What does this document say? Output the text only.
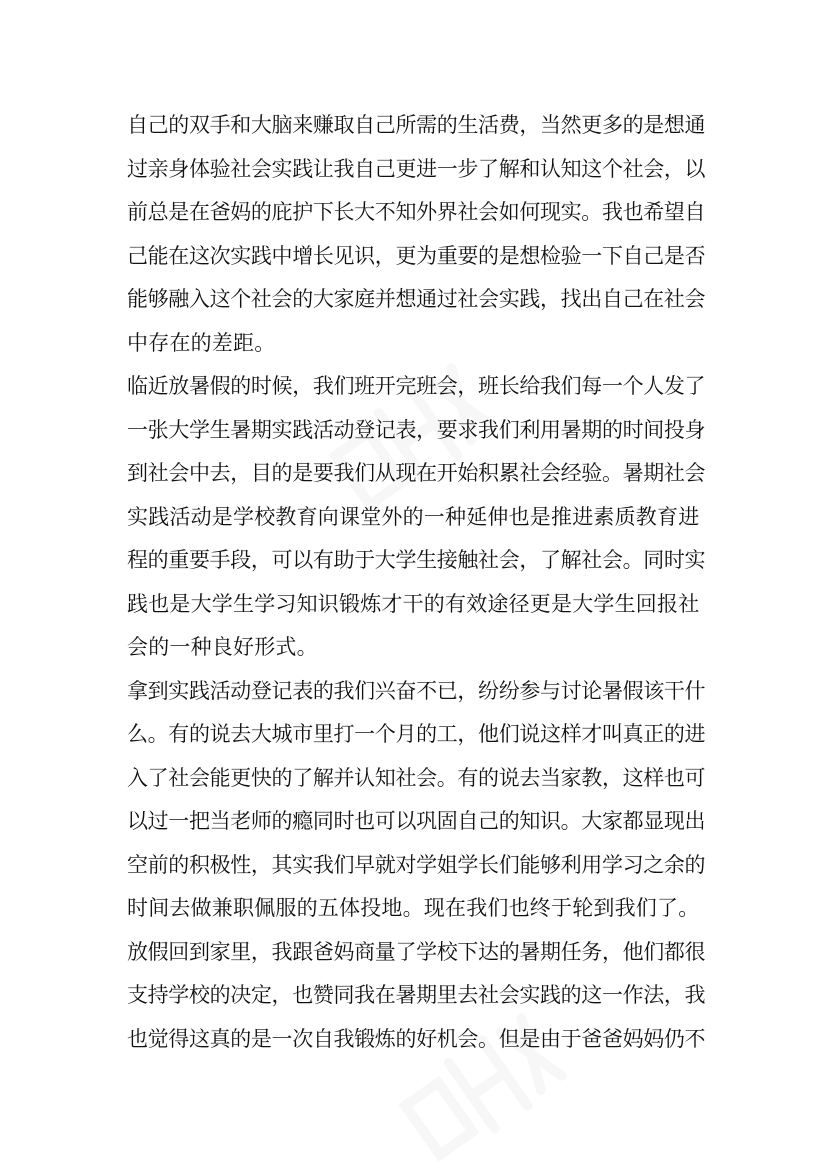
自己的双手和大脑来赚取自己所需的生活费，当然更多的是想通
过亲身体验社会实践让我自己更进一步了解和认知这个社会，以
前总是在爸妈的庇护下长大不知外界社会如何现实。我也希望自
己能在这次实践中增长见识，更为重要的是想检验一下自己是否
能够融入这个社会的大家庭并想通过社会实践，找出自己在社会
中存在的差距。
临近放暑假的时候，我们班开完班会，班长给我们每一个人发了
一张大学生暑期实践活动登记表，要求我们利用暑期的时间投身
到社会中去，目的是要我们从现在开始积累社会经验。暑期社会
实践活动是学校教育向课堂外的一种延伸也是推进素质教育进
程的重要手段，可以有助于大学生接触社会，了解社会。同时实
践也是大学生学习知识锻炼才干的有效途径更是大学生回报社
会的一种良好形式。
拿到实践活动登记表的我们兴奋不已，纷纷参与讨论暑假该干什
么。有的说去大城市里打一个月的工，他们说这样才叫真正的进
入了社会能更快的了解并认知社会。有的说去当家教，这样也可
以过一把当老师的瘾同时也可以巩固自己的知识。大家都显现出
空前的积极性，其实我们早就对学姐学长们能够利用学习之余的
时间去做兼职佩服的五体投地。现在我们也终于轮到我们了。
放假回到家里，我跟爸妈商量了学校下达的暑期任务，他们都很
支持学校的决定，也赞同我在暑期里去社会实践的这一作法，我
也觉得这真的是一次自我锻炼的好机会。但是由于爸爸妈妈仍不
